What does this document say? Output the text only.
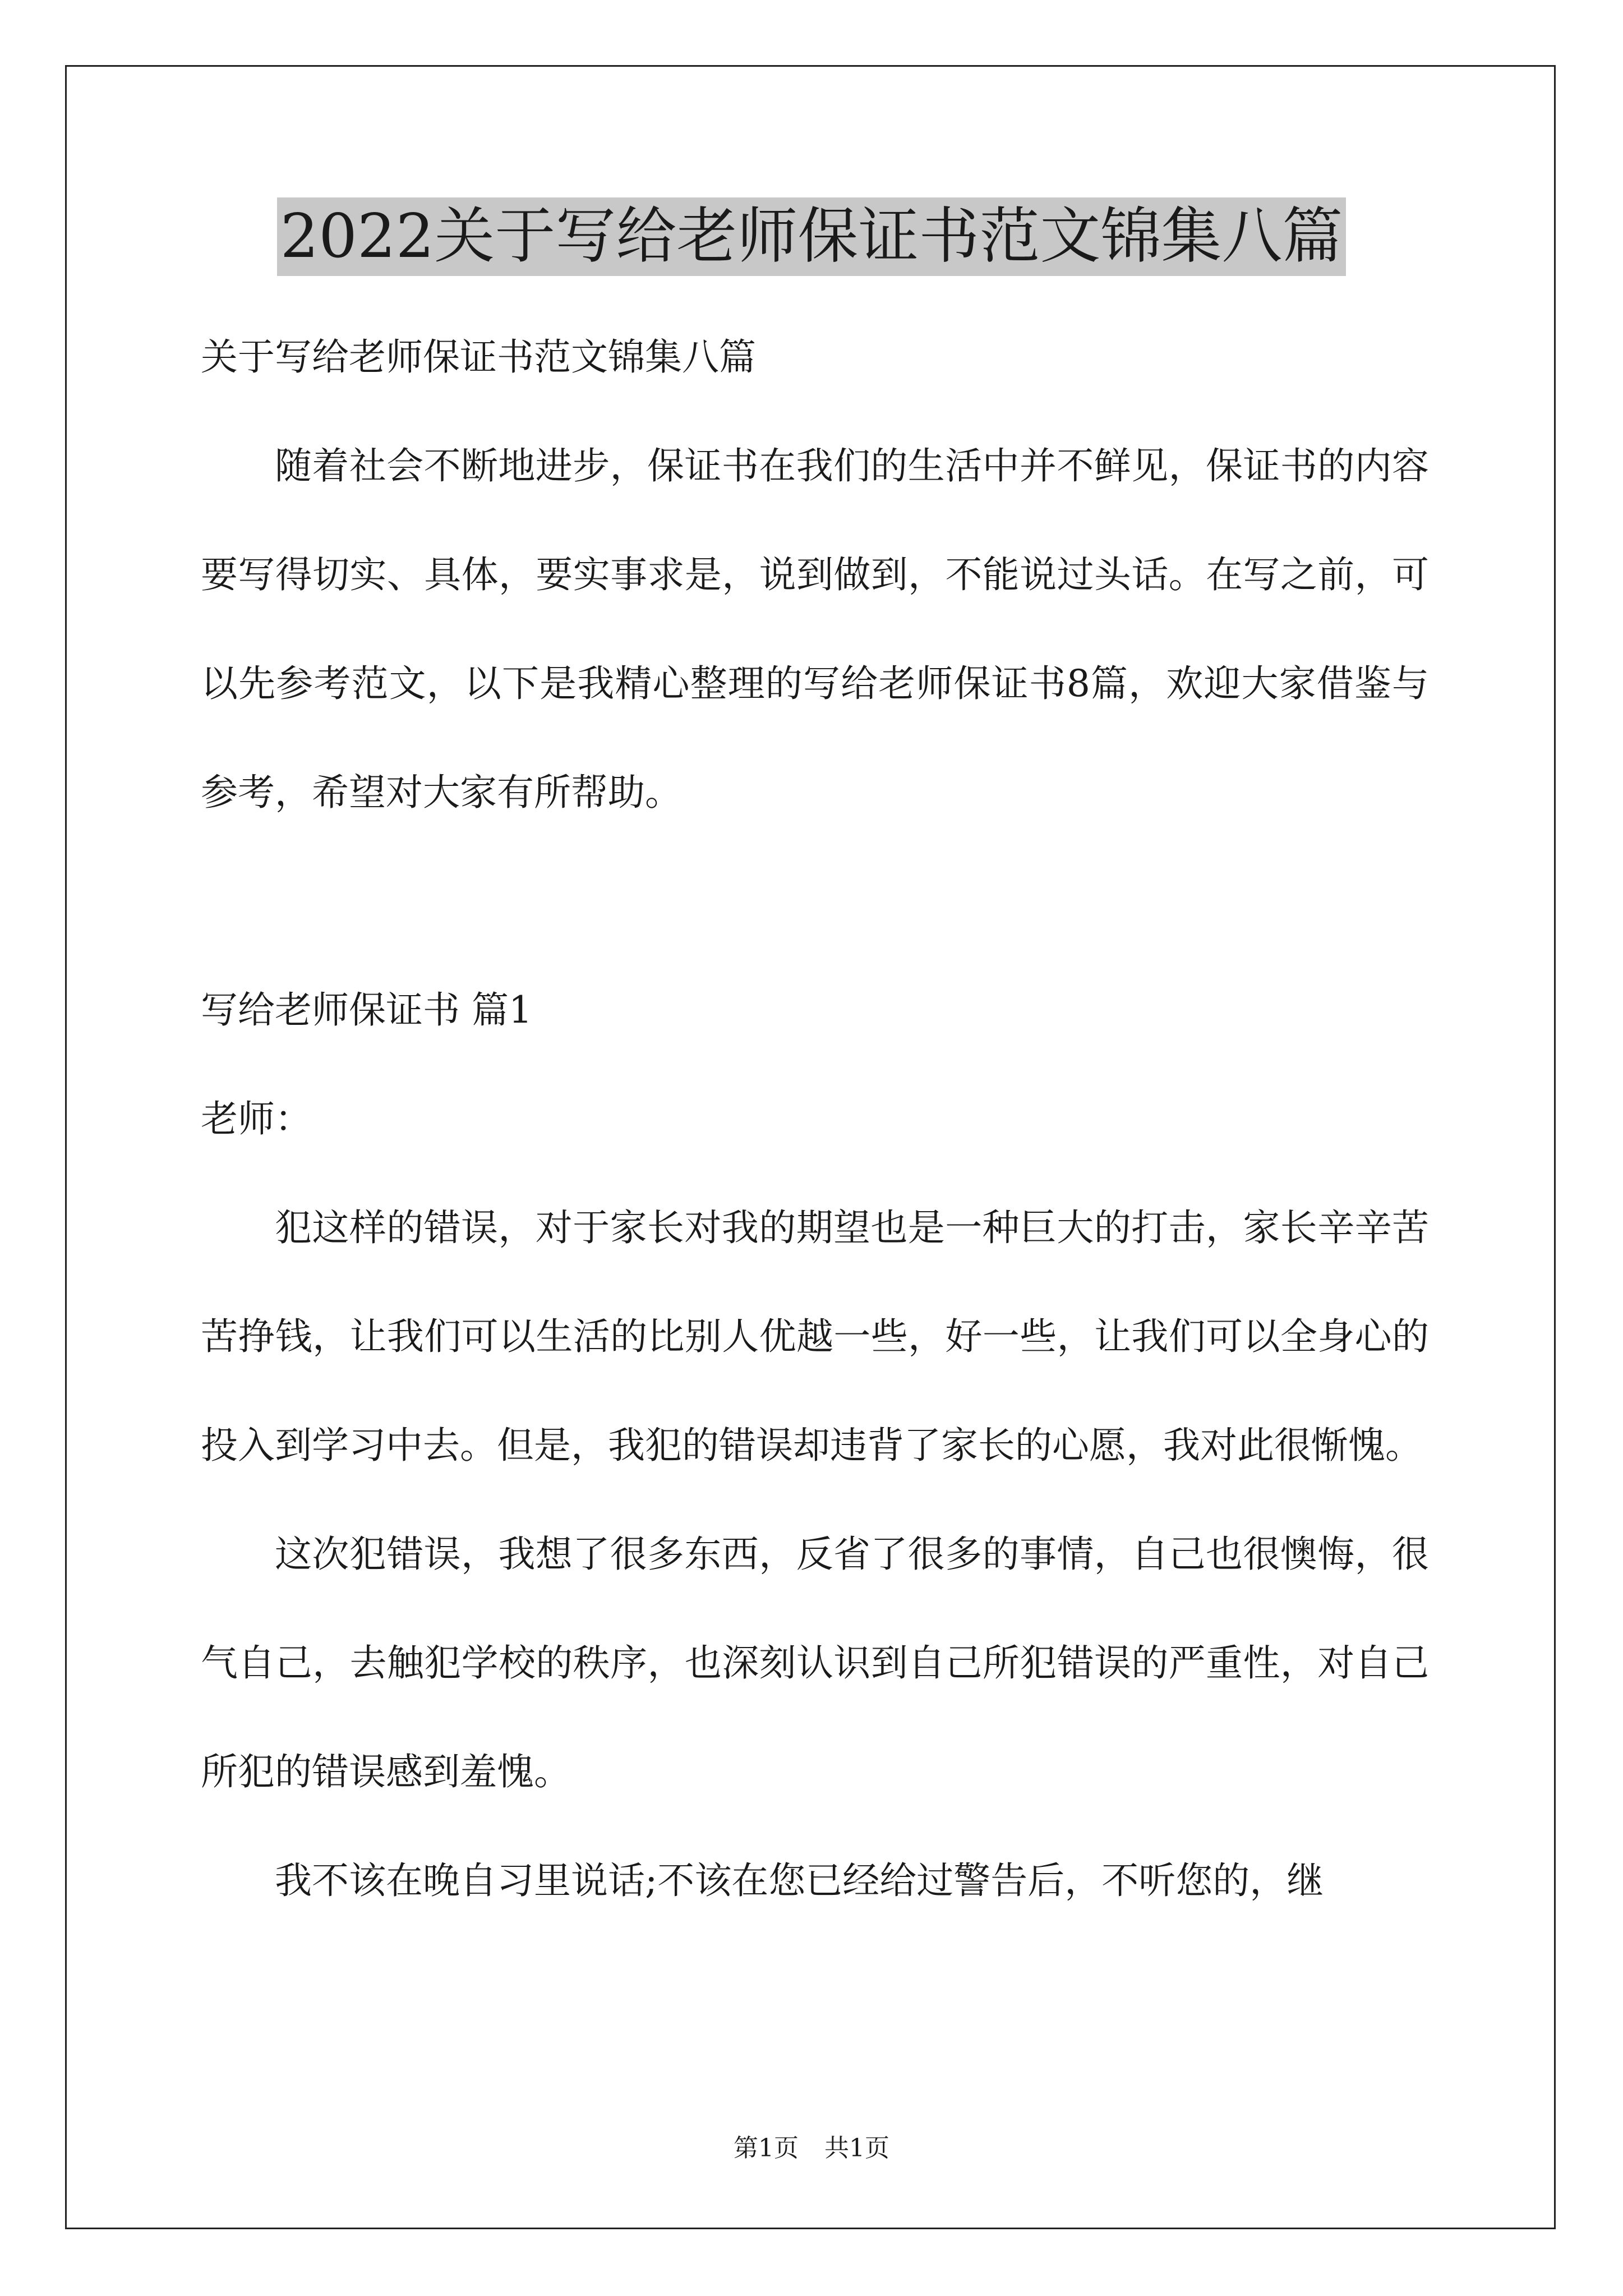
2022关于写给老师保证书范文锦集八篇

关于写给老师保证书范文锦集八篇

随着社会不断地进步，保证书在我们的生活中并不鲜见，保证书的内容要写得切实、具体，要实事求是，说到做到，不能说过头话。在写之前，可以先参考范文，以下是我精心整理的写给老师保证书8篇，欢迎大家借鉴与参考，希望对大家有所帮助。

写给老师保证书 篇1

老师：

犯这样的错误，对于家长对我的期望也是一种巨大的打击，家长辛辛苦苦挣钱，让我们可以生活的比别人优越一些，好一些，让我们可以全身心的投入到学习中去。但是，我犯的错误却违背了家长的心愿，我对此很惭愧。

这次犯错误，我想了很多东西，反省了很多的事情，自己也很懊悔，很气自己，去触犯学校的秩序，也深刻认识到自己所犯错误的严重性，对自己所犯的错误感到羞愧。

我不该在晚自习里说话;不该在您已经给过警告后，不听您的，继

第1页 共1页
